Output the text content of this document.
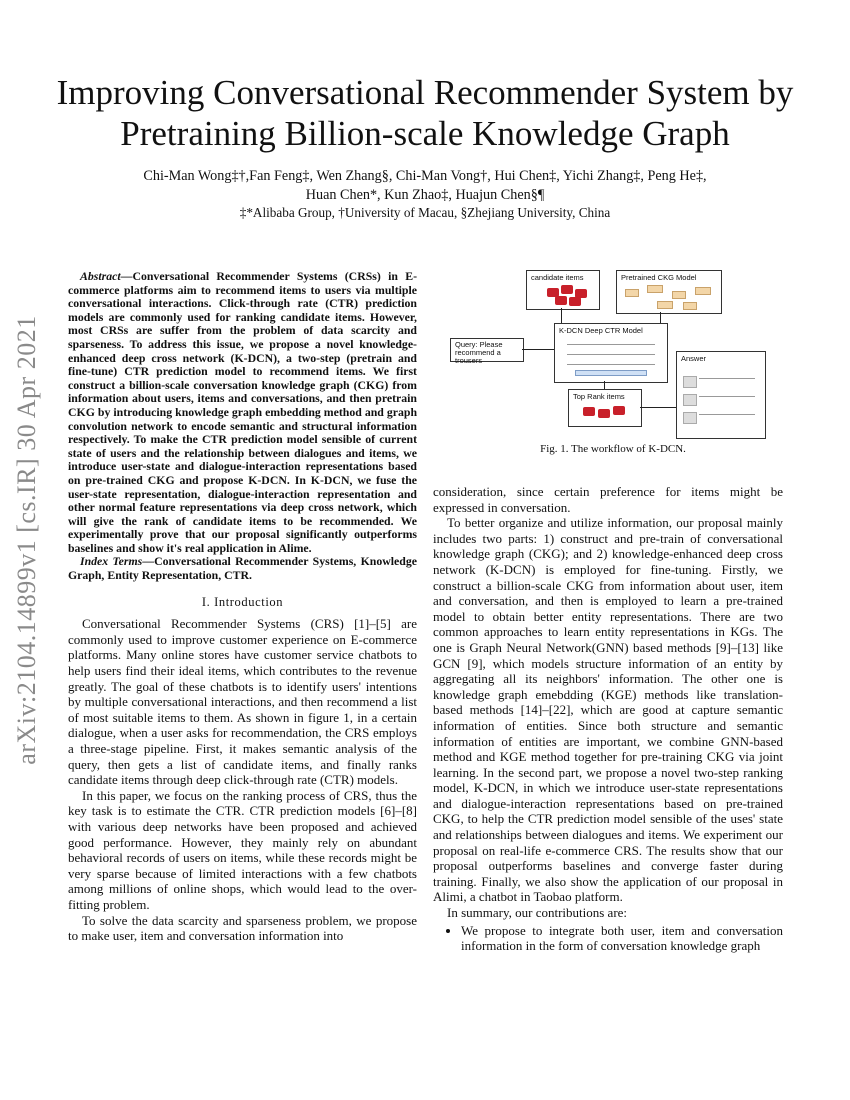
arXiv:2104.14899v1 [cs.IR] 30 Apr 2021
Improving Conversational Recommender System by
Pretraining Billion-scale Knowledge Graph
Chi-Man Wong‡†,Fan Feng‡, Wen Zhang§, Chi-Man Vong†, Hui Chen‡, Yichi Zhang‡, Peng He‡,
Huan Chen*, Kun Zhao‡, Huajun Chen§¶
‡*Alibaba Group, †University of Macau, §Zhejiang University, China
candidate items	Pretrained CKG Model
Query: Please recommend a trousers
K-DCN Deep CTR Model
Top Rank items
Answer
Fig. 1. The workflow of K-DCN.

Abstract—Conversational Recommender Systems (CRSs) in E-commerce platforms aim to recommend items to users via multiple conversational interactions. Click-through rate (CTR) prediction models are commonly used for ranking candidate items. However, most CRSs are suffer from the problem of data scarcity and sparseness. To address this issue, we propose a novel knowledge-enhanced deep cross network (K-DCN), a two-step (pretrain and fine-tune) CTR prediction model to recommend items. We first construct a billion-scale conversation knowledge graph (CKG) from information about users, items and conversations, and then pretrain CKG by introducing knowledge graph embedding method and graph convolution network to encode semantic and structural information respectively. To make the CTR prediction model sensible of current state of users and the relationship between dialogues and items, we introduce user-state and dialogue-interaction representations based on pre-trained CKG and propose K-DCN. In K-DCN, we fuse the user-state representation, dialogue-interaction representation and other normal feature representations via deep cross network, which will give the rank of candidate items to be recommended. We experimentally prove that our proposal significantly outperforms baselines and show it's real application in Alime.

Index Terms—Conversational Recommender Systems, Knowledge Graph, Entity Representation, CTR.

I. Introduction

Conversational Recommender Systems (CRS) [1]–[5] are commonly used to improve customer experience on E-commerce platforms. Many online stores have customer service chatbots to help users find their ideal items, which contributes to the revenue greatly. The goal of these chatbots is to identify users' intentions by multiple conversational interactions, and then recommend a list of most suitable items to them. As shown in figure 1, in a certain dialogue, when a user asks for recommendation, the CRS employs a three-stage pipeline. First, it makes semantic analysis of the query, then gets a list of candidate items, and finally ranks candidate items through deep click-through rate (CTR) models.

In this paper, we focus on the ranking process of CRS, thus the key task is to estimate the CTR. CTR prediction models [6]–[8] with various deep networks have been proposed and achieved good performance. However, they mainly rely on abundant behavioral records of users on items, while these records might be very sparse because of limited interactions with a few chatbots among millions of online shops, which would lead to the over-fitting problem.

To solve the data scarcity and sparseness problem, we propose to make user, item and conversation information into

consideration, since certain preference for items might be expressed in conversation.

To better organize and utilize information, our proposal mainly includes two parts: 1) construct and pre-train of conversational knowledge graph (CKG); and 2) knowledge-enhanced deep cross network (K-DCN) is employed for fine-tuning. Firstly, we construct a billion-scale CKG from information about user, item and conversation, and then is employed to learn a pre-trained model to obtain better entity representations. There are two common approaches to learn entity representations in KGs. The one is Graph Neural Network(GNN) based methods [9]–[13] like GCN [9], which models structure information of an entity by aggregating all its neighbors' information. The other one is knowledge graph emebdding (KGE) methods like translation-based methods [14]–[22], which are good at capture semantic information of entities. Since both structure and semantic information of entities are important, we combine GNN-based method and KGE method together for pre-training CKG via joint learning. In the second part, we propose a novel two-step ranking model, K-DCN, in which we introduce user-state representations and dialogue-interaction representations based on pre-trained CKG, to help the CTR prediction model sensible of the uses' state and relationships between dialogues and items. We experiment our proposal on real-life e-commerce CRS. The results show that our proposal outperforms baselines and converge faster during training. Finally, we also show the application of our proposal in Alimi, a chatbot in Taobao platform.

In summary, our contributions are:

• We propose to integrate both user, item and conversation information in the form of conversation knowledge graph
